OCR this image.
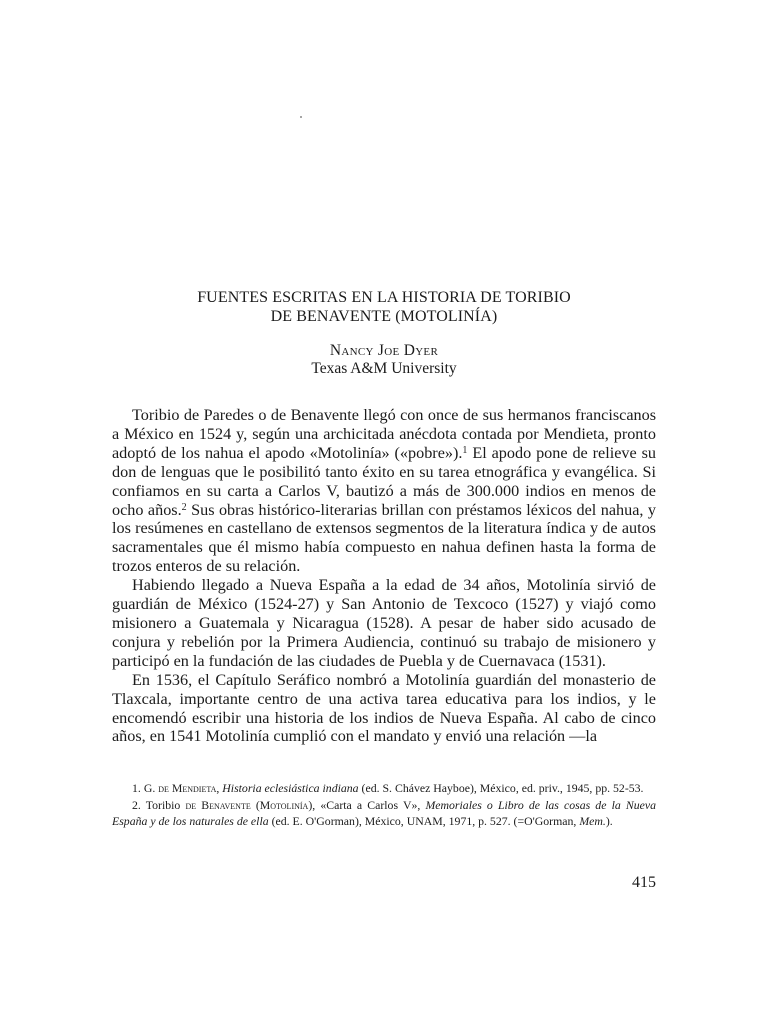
FUENTES ESCRITAS EN LA HISTORIA DE TORIBIO
DE BENAVENTE (MOTOLINÍA)
Nancy Joe Dyer
Texas A&M University

Toribio de Paredes o de Benavente llegó con once de sus hermanos franciscanos a México en 1524 y, según una archicitada anécdota contada por Mendieta, pronto adoptó de los nahua el apodo «Motolinía» («pobre»).$^1$ El apodo pone de relieve su don de lenguas que le posibilitó tanto éxito en su tarea etnográfica y evangélica. Si confiamos en su carta a Carlos V, bautizó a más de 300.000 indios en menos de ocho años.$^2$ Sus obras histórico-literarias brillan con préstamos léxicos del nahua, y los resúmenes en castellano de extensos segmentos de la literatura índica y de autos sacramentales que él mismo había compuesto en nahua definen hasta la forma de trozos enteros de su relación.

Habiendo llegado a Nueva España a la edad de 34 años, Motolinía sirvió de guardián de México (1524-27) y San Antonio de Texcoco (1527) y viajó como misionero a Guatemala y Nicaragua (1528). A pesar de haber sido acusado de conjura y rebelión por la Primera Audiencia, continuó su trabajo de misionero y participó en la fundación de las ciudades de Puebla y de Cuernavaca (1531).

En 1536, el Capítulo Seráfico nombró a Motolinía guardián del monasterio de Tlaxcala, importante centro de una activa tarea educativa para los indios, y le encomendó escribir una historia de los indios de Nueva España. Al cabo de cinco años, en 1541 Motolinía cumplió con el mandato y envió una relación —la

1. G. de Mendieta, Historia eclesiástica indiana (ed. S. Chávez Hayboe), México, ed. priv., 1945, pp. 52-53.

2. Toribio de Benavente (Motolinía), «Carta a Carlos V», Memoriales o Libro de las cosas de la Nueva España y de los naturales de ella (ed. E. O'Gorman), México, UNAM, 1971, p. 527. (=O'Gorman, Mem.).

415
